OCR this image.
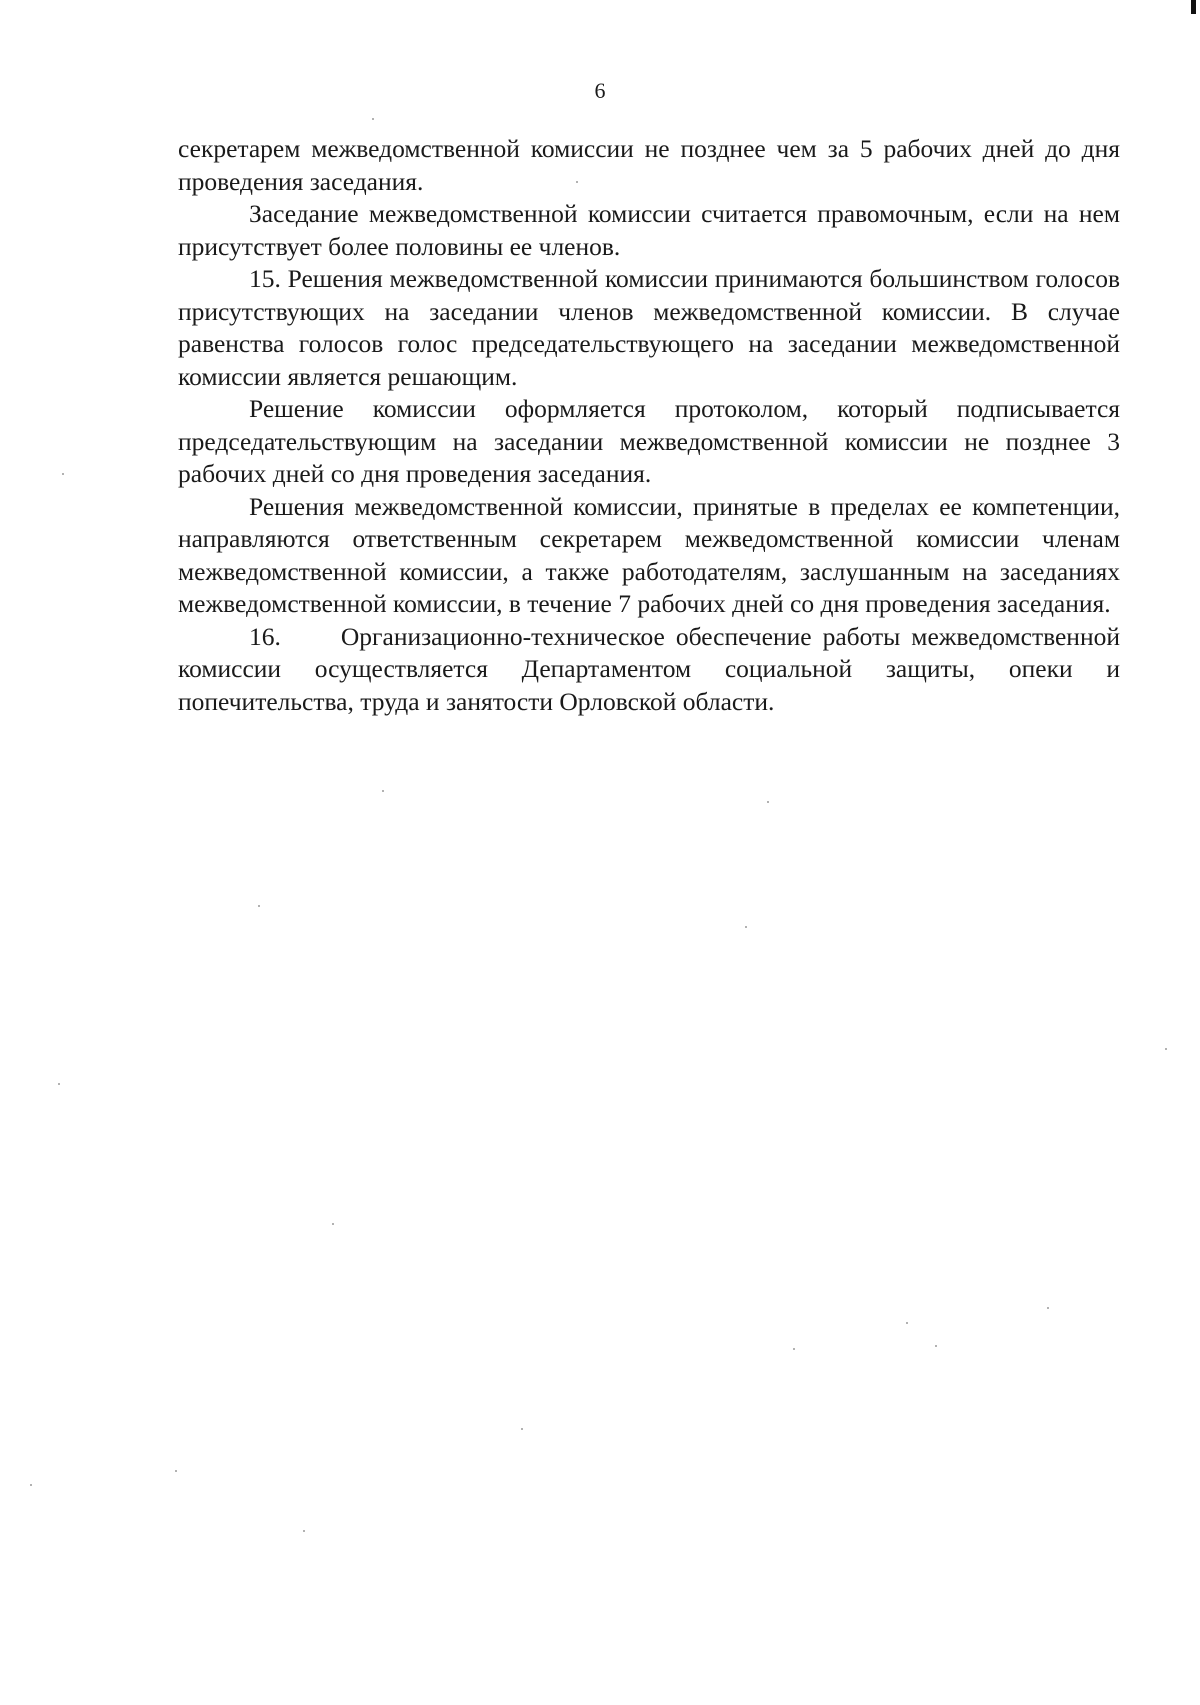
6

секретарем межведомственной комиссии не позднее чем за 5 рабочих дней до дня проведения заседания.

Заседание межведомственной комиссии считается правомочным, если на нем присутствует более половины ее членов.

15. Решения межведомственной комиссии принимаются большинством голосов присутствующих на заседании членов межведомственной комиссии. В случае равенства голосов голос председательствующего на заседании межведомственной комиссии является решающим.

Решение комиссии оформляется протоколом, который подписывается председательствующим на заседании межведомственной комиссии не позднее 3 рабочих дней со дня проведения заседания.

Решения межведомственной комиссии, принятые в пределах ее компетенции, направляются ответственным секретарем межведомственной комиссии членам межведомственной комиссии, а также работодателям, заслушанным на заседаниях межведомственной комиссии, в течение 7 рабочих дней со дня проведения заседания.

16. Организационно-техническое обеспечение работы межведомственной комиссии осуществляется Департаментом социальной защиты, опеки и попечительства, труда и занятости Орловской области.
